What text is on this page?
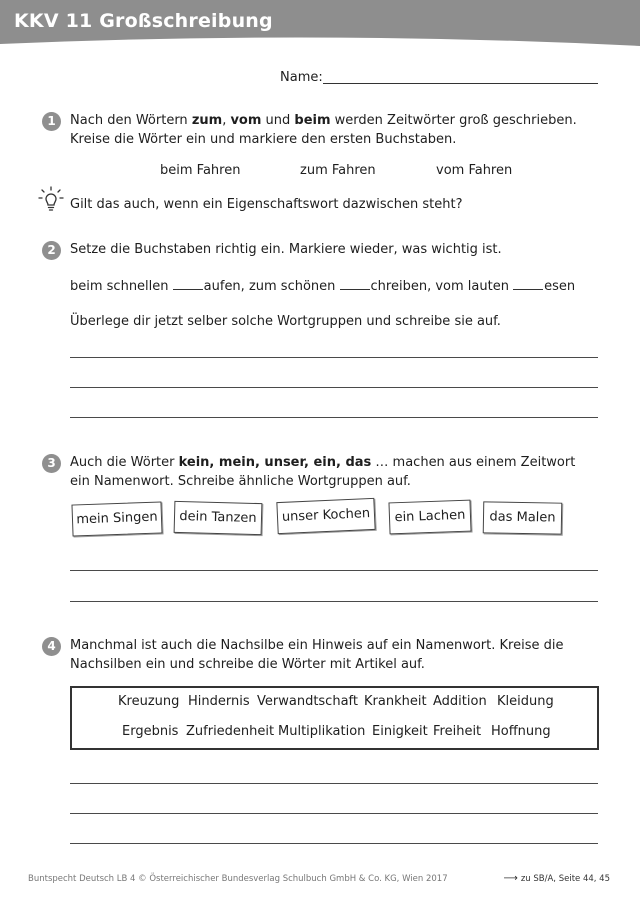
KKV 11 Großschreibung
Name:
1	Nach den Wörtern zum, vom und beim werden Zeitwörter groß geschrieben. Kreise die Wörter ein und markiere den ersten Buchstaben.
beim Fahren	zum Fahren	vom Fahren
Gilt das auch, wenn ein Eigenschaftswort dazwischen steht?
2	Setze die Buchstaben richtig ein. Markiere wieder, was wichtig ist.
beim schnellen aufen, zum schönen chreiben, vom lauten esen
Überlege dir jetzt selber solche Wortgruppen und schreibe sie auf.
3	Auch die Wörter kein, mein, unser, ein, das … machen aus einem Zeitwort ein Namenwort. Schreibe ähnliche Wortgruppen auf.
mein Singen	dein Tanzen	unser Kochen	ein Lachen	das Malen
4	Manchmal ist auch die Nachsilbe ein Hinweis auf ein Namenwort. Kreise die Nachsilben ein und schreibe die Wörter mit Artikel auf.
Kreuzung Hindernis Verwandtschaft Krankheit Addition Kleidung
Ergebnis Zufriedenheit Multiplikation Einigkeit Freiheit Hoffnung
Buntspecht Deutsch LB 4 © Österreichischer Bundesverlag Schulbuch GmbH & Co. KG, Wien 2017	⟶ zu SB/A, Seite 44, 45
